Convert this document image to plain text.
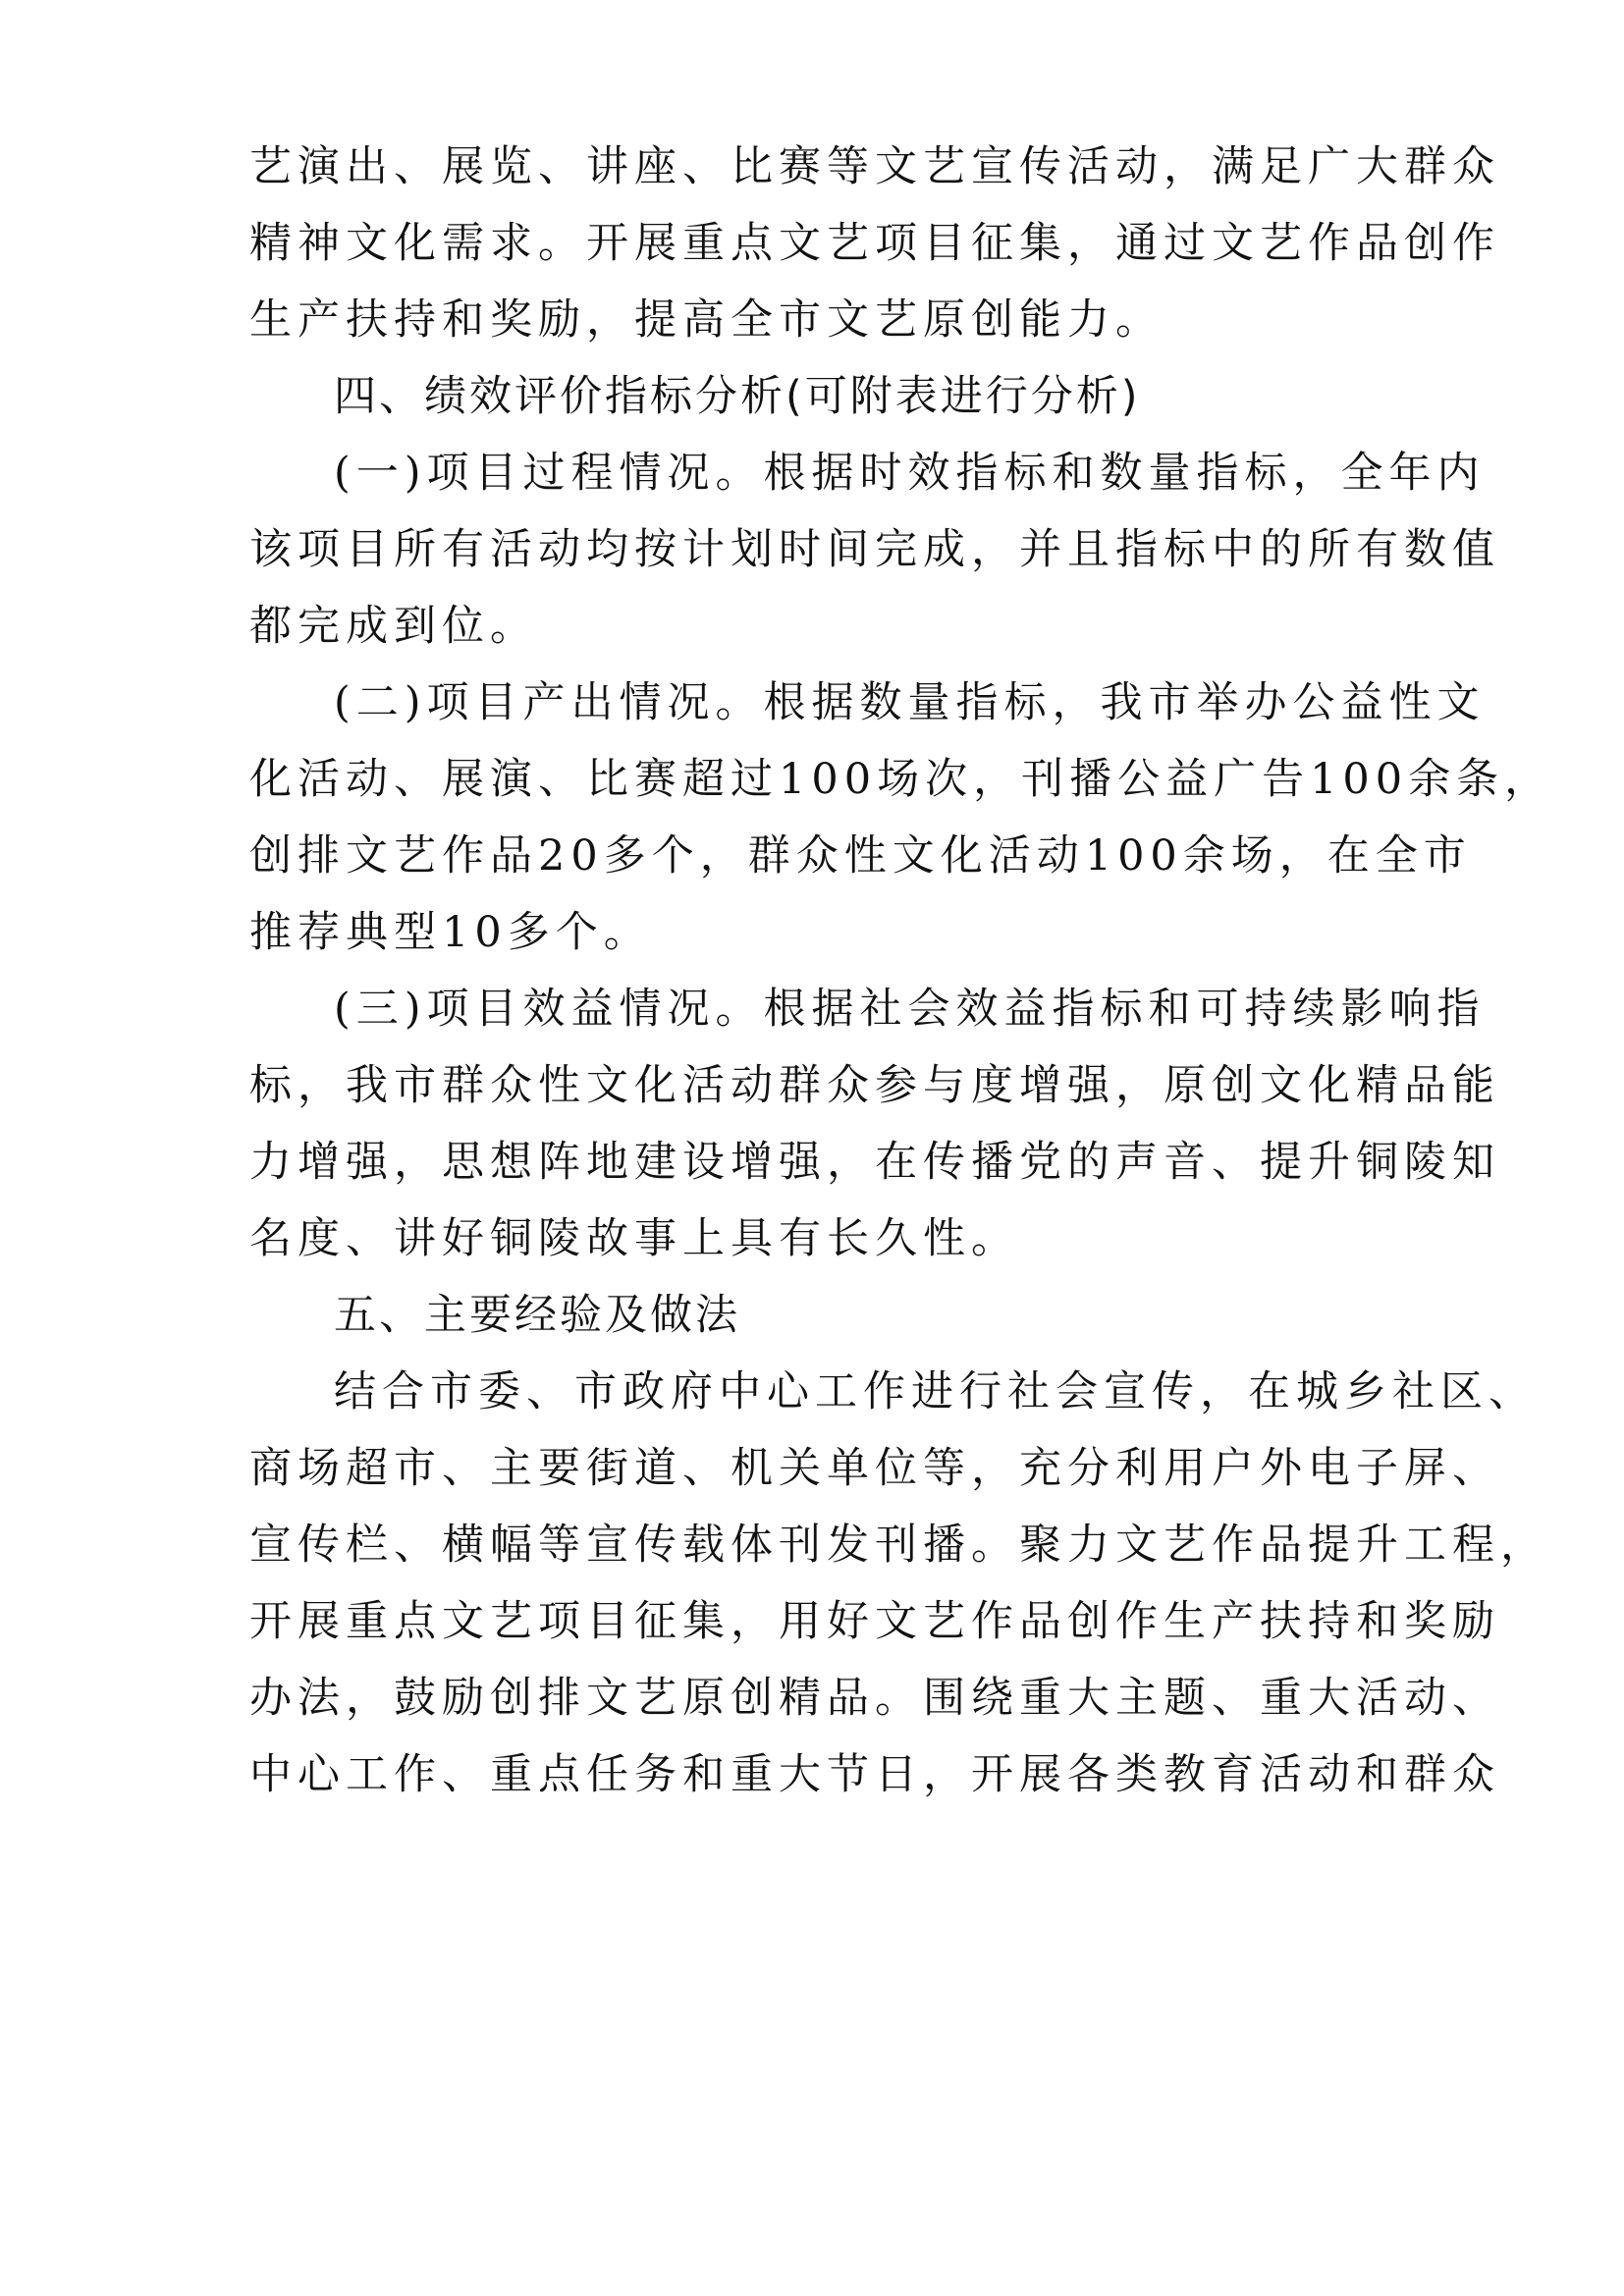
艺演出、展览、讲座、比赛等文艺宣传活动，满足广大群众

精神文化需求。开展重点文艺项目征集，通过文艺作品创作

生产扶持和奖励，提高全市文艺原创能力。

四、绩效评价指标分析(可附表进行分析)

(一)项目过程情况。根据时效指标和数量指标，全年内

该项目所有活动均按计划时间完成，并且指标中的所有数值

都完成到位。

(二)项目产出情况。根据数量指标，我市举办公益性文

化活动、展演、比赛超过100场次，刊播公益广告100余条，

创排文艺作品20多个，群众性文化活动100余场，在全市

推荐典型10多个。

(三)项目效益情况。根据社会效益指标和可持续影响指

标，我市群众性文化活动群众参与度增强，原创文化精品能

力增强，思想阵地建设增强，在传播党的声音、提升铜陵知

名度、讲好铜陵故事上具有长久性。

五、主要经验及做法

结合市委、市政府中心工作进行社会宣传，在城乡社区、

商场超市、主要街道、机关单位等，充分利用户外电子屏、

宣传栏、横幅等宣传载体刊发刊播。聚力文艺作品提升工程，

开展重点文艺项目征集，用好文艺作品创作生产扶持和奖励

办法，鼓励创排文艺原创精品。围绕重大主题、重大活动、

中心工作、重点任务和重大节日，开展各类教育活动和群众
